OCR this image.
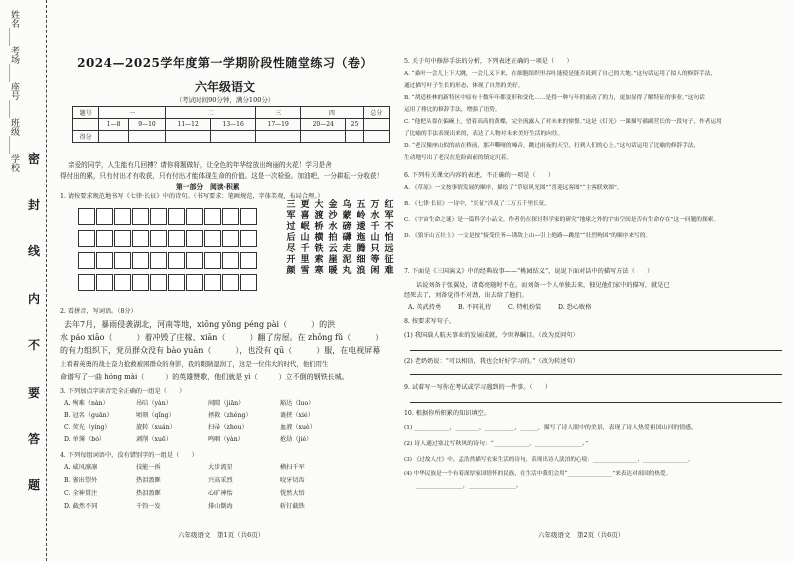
姓名____考场____座号____班级____学校 密
封
线
内
不
要
答
题
2024—2025学年度第一学期阶段性随堂练习（卷）
六年级语文
（考试时间90分钟，满分100分）
题号	一		二		三	四		总分
	1—8	9—10	11—12	13—16	17—19	20—24	25	
得分								
亲爱的同学，人生能有几回搏？请你将题做好，让全色的年华绽放出绚丽的火花！学习是舍
得付出的累，只有付出才有收获，只有付出才能体现生命的价值。这是一次检验。加油吧，一分耕耘一分收获！
第一部分　阅读·积累
1. 请按要求规范地书写《七律·长征》中的诗句。（书写要求：笔画规范，字体美观，布局合理。）
红军不怕远征难
万水千山只等闲
五岭逶迤腾细浪
乌蒙磅礴走泥丸
金沙水拍云崖暖
大渡桥横铁索寒
更喜岷山千里雪
三军过后尽开颜
2. 看拼音，写词语。（8分）
去年7月，暴雨侵袭湖北，河南等地，xiōng yǒng péng pài（　　　）的洪
水 páo xiāo（　　　）着冲毁了庄稼、xiān（　　　）翻了房屋。在 zhōng fǔ（　　　）
的有力组织下，党员群众没有 bào yuàn（　　　），也没有 qū（　　　）服，在电视屏幕
上看着英勇的战士奋力抢救被困群众的身影，我的眼睛湿润了，这是一位伟大的时代，他们用生
命谱写了一曲 hóng mài（　　　）的英雄赞歌，他们就是 yì（　　　）立不倒的钢铁长城。
3. 下列加点字读音完全正确的一组是（　　）
A. 殉难（nàn）	吊唁（yàn）	间隙（jiān）	豁达（luo）
B. 冠名（guān）	顷刻（qǐng）	拯救（zhěng）	裹挟（xié）
C. 荧光（yíng）	旋转（xuán）	扫帚（zhou）	血液（xuè）
D. 单簿（bó）	剥削（xuē）	鸣咽（yàn）	抢劫（jié）
4. 下列每组词语中，没有错别字的一组是（　　）
A. 威风凛凛	技能一拆	大步流星	横扫千军
B. 雀出望外	热泪盈眶	兴高采烈	咬牙切齿
C. 全神贯注	热泪盈眶	心旷神怡	恍然大悟
D. 截然不同	千钧一发	排山倒海	斩钉截铁
六年级语文　第1页（共6页）
5. 关于句中修辞手法的分析，下列表述正确的一项是（　　）
A. “桑叶一会儿上下大跳，一会儿又下来，在细胞组织里吞吐能使是能否说到了自己的大地。”这句话运用了拟人的修辞手法，
通过描写叶子生长的形态，体现了自然的美好。
B. “胡适桂林的新特区中原有十数年年都变形和变化……是得一种与年的流动了的力，更加显得了解特征的事业。”这句话
运用了排比的修辞手法，增强了语势。
C. “他把头靠在偏碗上，望着高高的黄蝶，完全流露入了对未来的憧憬。”这是《灯光》一课描写郝副营长的一段句子，作者运用
了比喻的手法表现出来的，表达了人物对未来美好生活的向往。
D. “老汉像座山似的站在桥前，那声嘶哑的嗓音，跳过雨夜的天空，打到人们的心上。”这句话运用了比喻的修辞手法，
生动地写出了老汉在危险面前的镇定沉着。
6. 下列有关课文内容的表述，不正确的一项是（　　）
A. 《草原》一文按事情发展的顺序，描绘了“草原风光图”“喜迎远客图”“主客联欢图”。
B. 《七律·长征》一诗中，“长征”涉及了二万五千里长征。
C. 《宇宙生命之谜》是一篇科学小品文。作者仍在探讨科学家的研究“地球之外的宇宙空间是否有生命存在”这一问题的探索。
D. 《狼牙山五壮士》一文是按“接受任务—诱敌上山—引上绝路—跳崖”“壮烈殉国”的顺序来写的。
7. 下面是《三国演义》中的经典故事——“桃园结义”，说说下面对话中的描写方法（　　）
话说刘备于张翼处，诸葛亮随时不在，而刘备一个人单独去来，独见他们家中的描写，就是已
经死去了，刘备觉得不对劲，出去给了他们。
A. 英武持勇	B. 不同礼待	C. 特机扮装	D. 恐心败格
8. 按要求写句子。
(1) 我国载人航天事业的发展成就，令世界瞩目。（改为反问句）
(2) 老奶奶说：“可以相信，我也会好好学习的。”（改为转述句）
9. 试着写一写你在考试或学习遇到的一件事。（　　）
10. 根据你所积累的知识填空。
(1) ____________，________，__________，______，描写了诗人眼中的美景，表现了诗人热爱祖国山河的情感。
(2) 诗人通过塞北写秋风的诗句：“____________，________________。”
(3) 《过故人庄》中，孟浩然描写农家生活的诗句，表现出诗人淡泊的心境：________________，________________。
(4) 中华民族是一个有着深厚家国情怀的民族，在生活中我们会用“________________”来表达对祖国的热爱。
　　________________，________________。
六年级语文　第2页（共6页）
